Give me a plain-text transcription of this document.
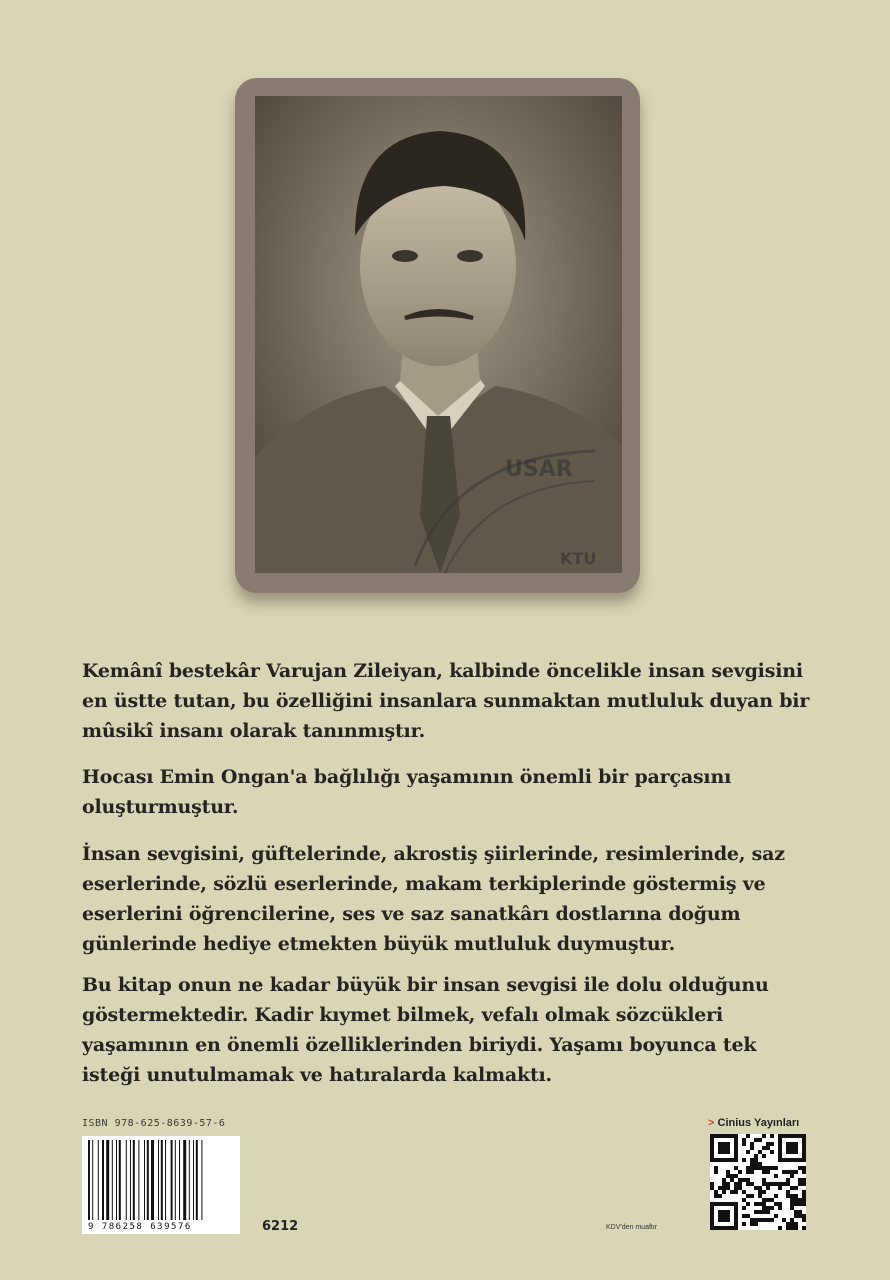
USAR
KTU

Kemânî bestekâr Varujan Zileiyan, kalbinde öncelikle insan sevgisini en üstte tutan, bu özelliğini insanlara sunmaktan mutluluk duyan bir mûsikî insanı olarak tanınmıştır.

Hocası Emin Ongan'a bağlılığı yaşamının önemli bir parçasını oluşturmuştur.

İnsan sevgisini, güftelerinde, akrostiş şiirlerinde, resimlerinde, saz eserlerinde, sözlü eserlerinde, makam terkiplerinde göstermiş ve eserlerini öğrencilerine, ses ve saz sanatkârı dostlarına doğum günlerinde hediye etmekten büyük mutluluk duymuştur.

Bu kitap onun ne kadar büyük bir insan sevgisi ile dolu olduğunu göstermektedir. Kadir kıymet bilmek, vefalı olmak sözcükleri yaşamının en önemli özelliklerinden biriydi. Yaşamı boyunca tek isteği unutulmamak ve hatıralarda kalmaktı.

ISBN 978-625-8639-57-6
9 786258 639576	6212
> Cinius Yayınları
KDV'den muaftır
